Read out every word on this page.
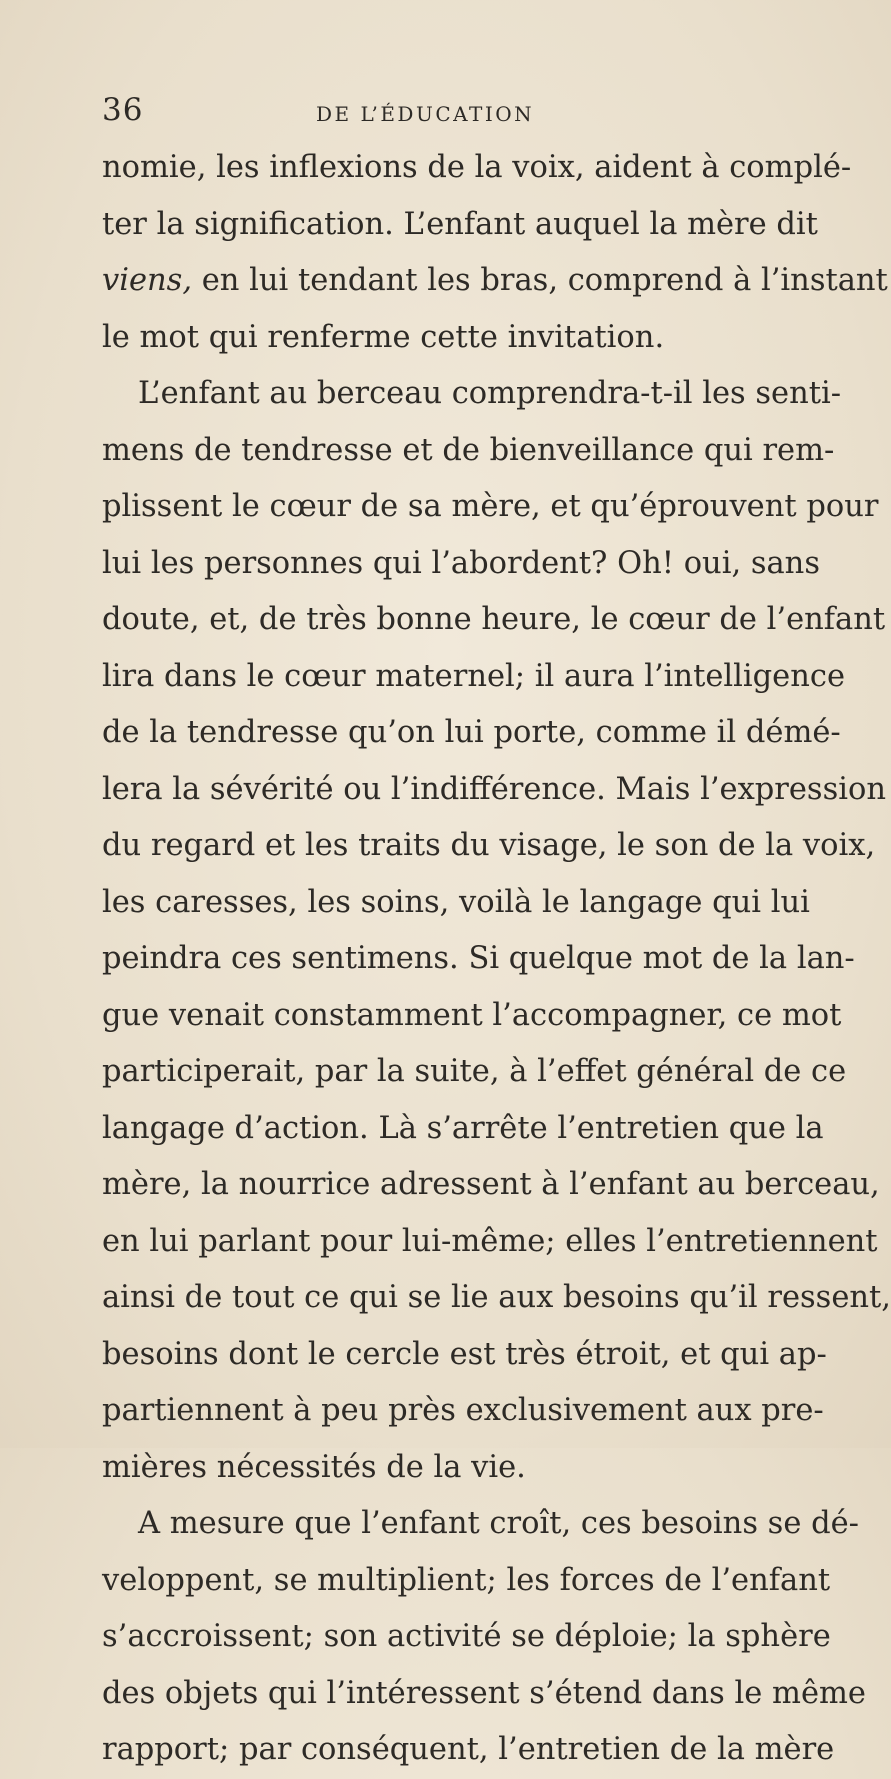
36	DE L’ÉDUCATION
nomie, les inflexions de la voix, aident à complé-
ter la signification. L’enfant auquel la mère dit
viens, en lui tendant les bras, comprend à l’instant
le mot qui renferme cette invitation.
L’enfant au berceau comprendra-t-il les senti-
mens de tendresse et de bienveillance qui rem-
plissent le cœur de sa mère, et qu’éprouvent pour
lui les personnes qui l’abordent? Oh! oui, sans
doute, et, de très bonne heure, le cœur de l’enfant
lira dans le cœur maternel; il aura l’intelligence
de la tendresse qu’on lui porte, comme il démé-
lera la sévérité ou l’indifférence. Mais l’expression
du regard et les traits du visage, le son de la voix,
les caresses, les soins, voilà le langage qui lui
peindra ces sentimens. Si quelque mot de la lan-
gue venait constamment l’accompagner, ce mot
participerait, par la suite, à l’effet général de ce
langage d’action. Là s’arrête l’entretien que la
mère, la nourrice adressent à l’enfant au berceau,
en lui parlant pour lui-même; elles l’entretiennent
ainsi de tout ce qui se lie aux besoins qu’il ressent,
besoins dont le cercle est très étroit, et qui ap-
partiennent à peu près exclusivement aux pre-
mières nécessités de la vie.
A mesure que l’enfant croît, ces besoins se dé-
veloppent, se multiplient; les forces de l’enfant
s’accroissent; son activité se déploie; la sphère
des objets qui l’intéressent s’étend dans le même
rapport; par conséquent, l’entretien de la mère
